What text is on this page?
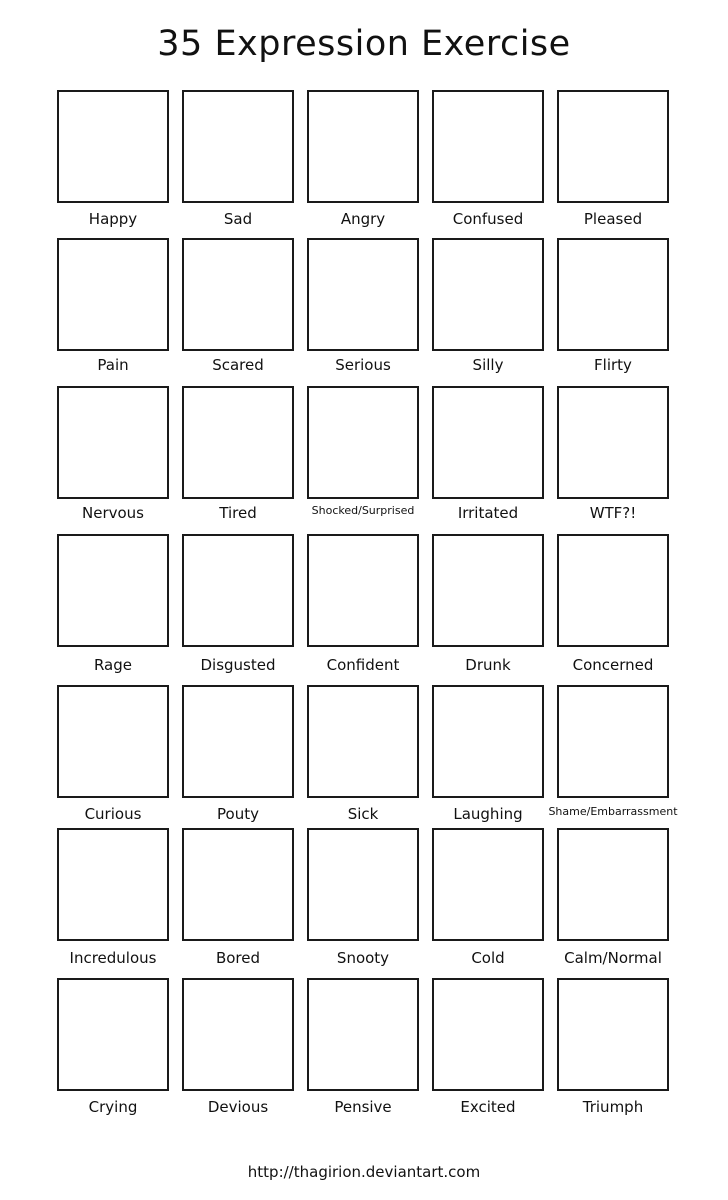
35 Expression Exercise
Happy	Sad	Angry	Confused	Pleased
Pain	Scared	Serious	Silly	Flirty
Nervous	Tired	Shocked/Surprised	Irritated	WTF?!
Rage	Disgusted	Confident	Drunk	Concerned
Curious	Pouty	Sick	Laughing	Shame/Embarrassment
Incredulous	Bored	Snooty	Cold	Calm/Normal
Crying	Devious	Pensive	Excited	Triumph
http://thagirion.deviantart.com
